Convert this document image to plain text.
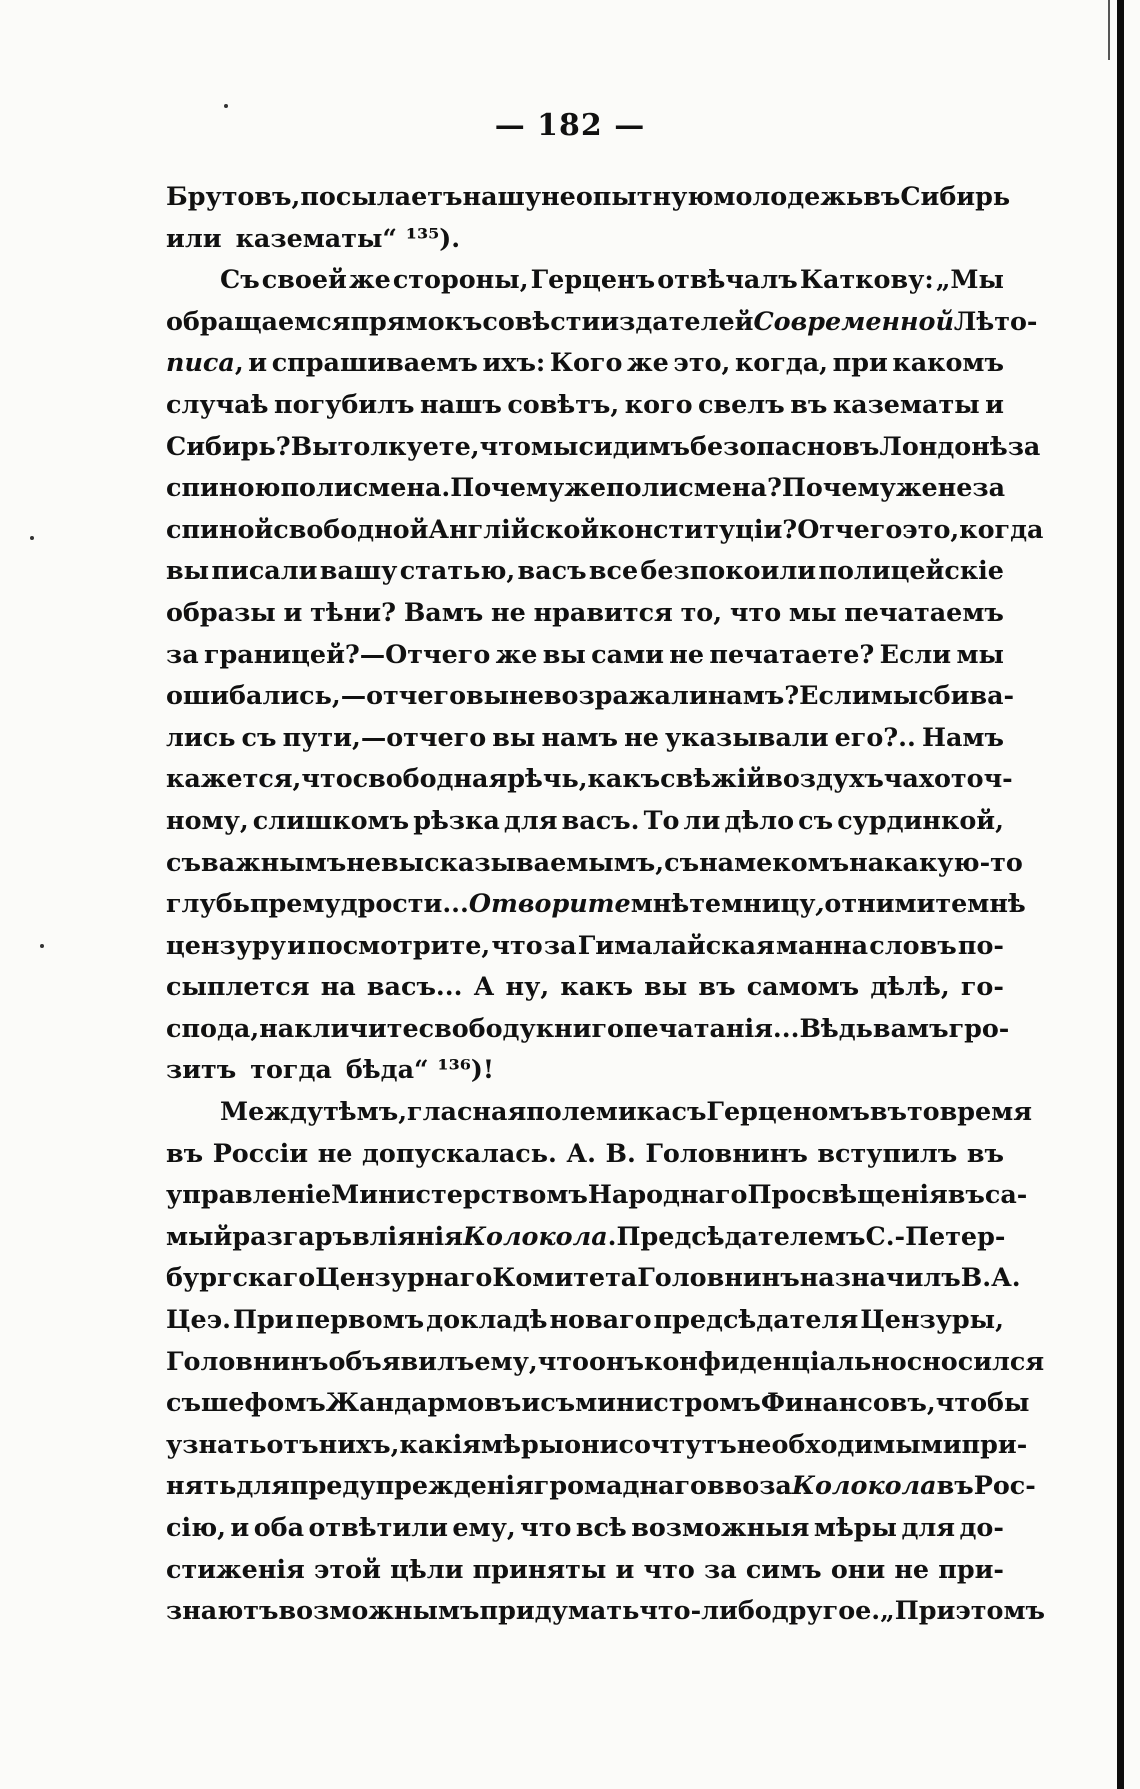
— 182 —
Брутовъ, посылаетъ нашу неопытную молодежь въ Сибирь
или казематы“ ¹³⁵).
Съ своей же стороны, Герценъ отвѣчалъ Каткову: „Мы
обращаемся прямо къ совѣсти издателей Современной Лѣто-
писа, и спрашиваемъ ихъ: Кого же это, когда, при какомъ
случаѣ погубилъ нашъ совѣтъ, кого свелъ въ казематы и
Сибирь? Вы толкуете, что мы сидимъ безопасно въ Лондонѣ за
спиною полисмена. Почему же полисмена? Почему же не за
спиной свободной Англійской конституціи? Отчего это, когда
вы писали вашу статью, васъ все безпокоили полицейскіе
образы и тѣни? Вамъ не нравится то, что мы печатаемъ
за границей?—Отчего же вы сами не печатаете? Если мы
ошибались,—отчего вы не возражали намъ? Если мы сбива-
лись съ пути,—отчего вы намъ не указывали его?.. Намъ
кажется, что свободная рѣчь, какъ свѣжій воздухъ чахоточ-
ному, слишкомъ рѣзка для васъ. То ли дѣло съ сурдинкой,
съ важнымъ невысказываемымъ, съ намекомъ на какую-то
глубь премудрости... Отворите мнѣ темницу, отнимите мнѣ
цензуру и посмотрите, что за Гималайская манна словъ по-
сыплется на васъ... А ну, какъ вы въ самомъ дѣлѣ, го-
спода, накличите свободу книгопечатанія... Вѣдь вамъ гро-
зитъ тогда бѣда“ ¹³⁶)!
Между тѣмъ, гласная полемика съ Герценомъ въ то время
въ Россіи не допускалась. А. В. Головнинъ вступилъ въ
управленіе Министерствомъ Народнаго Просвѣщенія въ са-
мый разгаръ вліянія Колокола. Предсѣдателемъ С.-Петер-
бургскаго Цензурнаго Комитета Головнинъ назначилъ В. А.
Цеэ. При первомъ докладѣ новаго предсѣдателя Цензуры,
Головнинъ объявилъ ему, что онъ конфиденціально сносился
съ шефомъ Жандармовъ и съ министромъ Финансовъ, чтобы
узнать отъ нихъ, какія мѣры они сочтутъ необходимыми при-
нять для предупрежденія громаднаго ввоза Колокола въ Рос-
сію, и оба отвѣтили ему, что всѣ возможныя мѣры для до-
стиженія этой цѣли приняты и что за симъ они не при-
знаютъ возможнымъ придумать что-либо другое. „При этомъ
